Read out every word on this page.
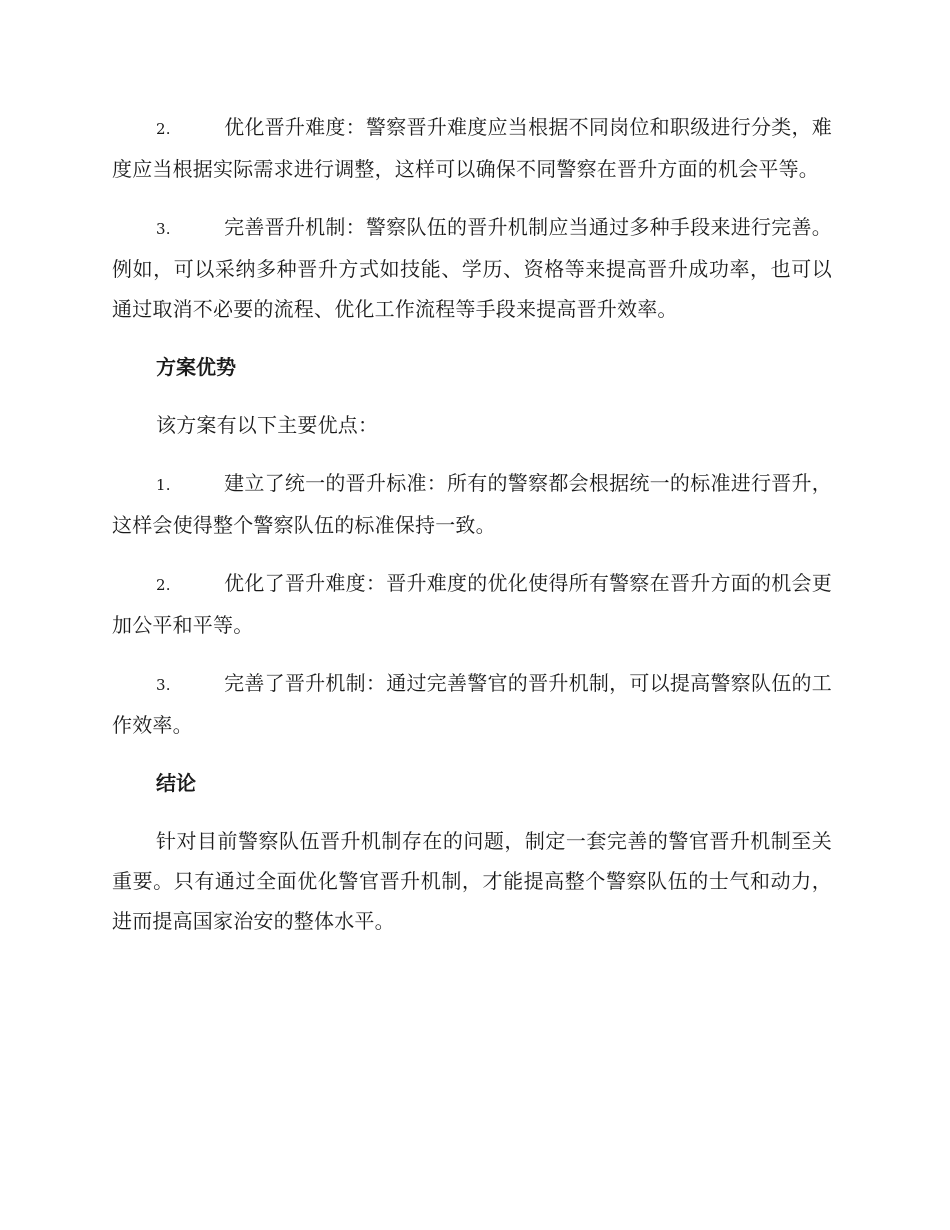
2.	优化晋升难度：警察晋升难度应当根据不同岗位和职级进行分类，难度应当根据实际需求进行调整，这样可以确保不同警察在晋升方面的机会平等。
3.	完善晋升机制：警察队伍的晋升机制应当通过多种手段来进行完善。例如，可以采纳多种晋升方式如技能、学历、资格等来提高晋升成功率，也可以通过取消不必要的流程、优化工作流程等手段来提高晋升效率。
方案优势

该方案有以下主要优点：

1.	建立了统一的晋升标准：所有的警察都会根据统一的标准进行晋升，这样会使得整个警察队伍的标准保持一致。
2.	优化了晋升难度：晋升难度的优化使得所有警察在晋升方面的机会更加公平和平等。
3.	完善了晋升机制：通过完善警官的晋升机制，可以提高警察队伍的工作效率。
结论

针对目前警察队伍晋升机制存在的问题，制定一套完善的警官晋升机制至关重要。只有通过全面优化警官晋升机制，才能提高整个警察队伍的士气和动力，进而提高国家治安的整体水平。
